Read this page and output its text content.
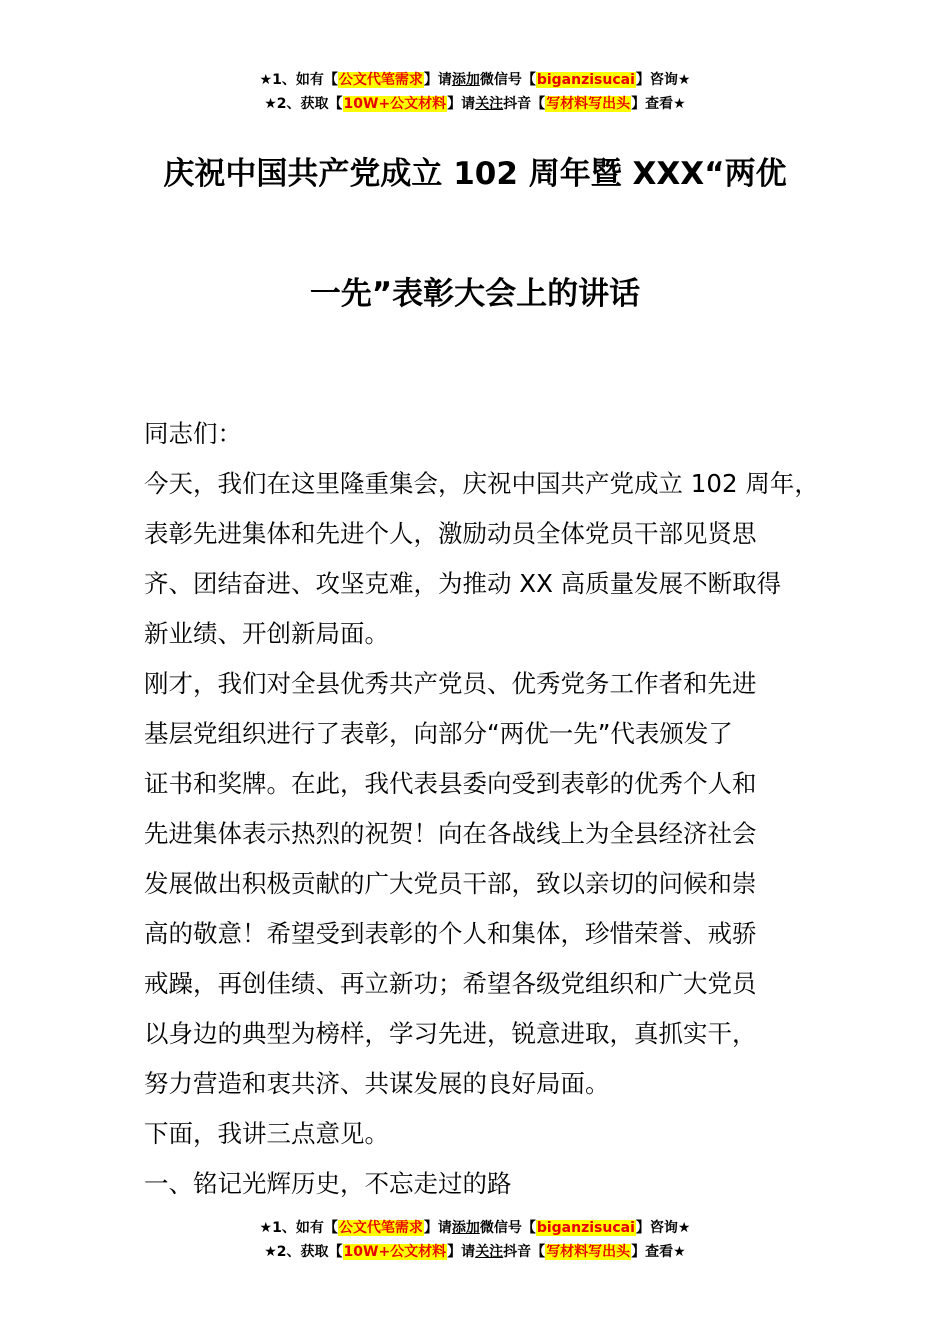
★1、如有【公文代笔需求】请添加微信号【biganzisucai】咨询★
★2、获取【10W+公文材料】请关注抖音【写材料写出头】查看★
庆祝中国共产党成立 102 周年暨 XXX“两优
一先”表彰大会上的讲话
同志们：
今天，我们在这里隆重集会，庆祝中国共产党成立 102 周年，
表彰先进集体和先进个人，激励动员全体党员干部见贤思
齐、团结奋进、攻坚克难，为推动 XX 高质量发展不断取得
新业绩、开创新局面。
刚才，我们对全县优秀共产党员、优秀党务工作者和先进
基层党组织进行了表彰，向部分“两优一先”代表颁发了
证书和奖牌。在此，我代表县委向受到表彰的优秀个人和
先进集体表示热烈的祝贺！向在各战线上为全县经济社会
发展做出积极贡献的广大党员干部，致以亲切的问候和崇
高的敬意！希望受到表彰的个人和集体，珍惜荣誉、戒骄
戒躁，再创佳绩、再立新功；希望各级党组织和广大党员
以身边的典型为榜样，学习先进，锐意进取，真抓实干，
努力营造和衷共济、共谋发展的良好局面。
下面，我讲三点意见。
一、铭记光辉历史，不忘走过的路
★1、如有【公文代笔需求】请添加微信号【biganzisucai】咨询★
★2、获取【10W+公文材料】请关注抖音【写材料写出头】查看★
